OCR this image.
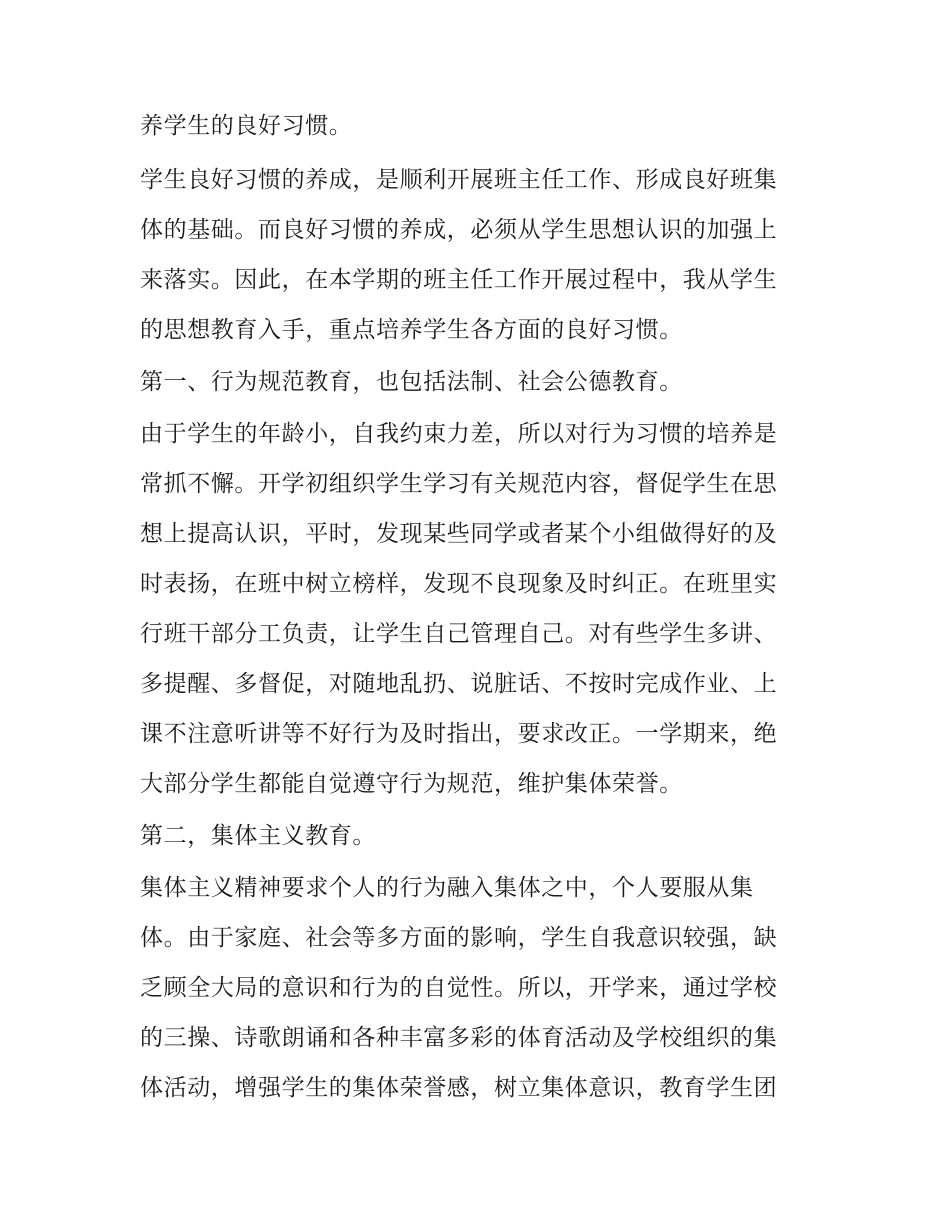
养学生的良好习惯。
学生良好习惯的养成，是顺利开展班主任工作、形成良好班集
体的基础。而良好习惯的养成，必须从学生思想认识的加强上
来落实。因此，在本学期的班主任工作开展过程中，我从学生
的思想教育入手，重点培养学生各方面的良好习惯。
第一、行为规范教育，也包括法制、社会公德教育。
由于学生的年龄小，自我约束力差，所以对行为习惯的培养是
常抓不懈。开学初组织学生学习有关规范内容，督促学生在思
想上提高认识，平时，发现某些同学或者某个小组做得好的及
时表扬，在班中树立榜样，发现不良现象及时纠正。在班里实
行班干部分工负责，让学生自己管理自己。对有些学生多讲、
多提醒、多督促，对随地乱扔、说脏话、不按时完成作业、上
课不注意听讲等不好行为及时指出，要求改正。一学期来，绝
大部分学生都能自觉遵守行为规范，维护集体荣誉。
第二，集体主义教育。
集体主义精神要求个人的行为融入集体之中，个人要服从集
体。由于家庭、社会等多方面的影响，学生自我意识较强，缺
乏顾全大局的意识和行为的自觉性。所以，开学来，通过学校
的三操、诗歌朗诵和各种丰富多彩的体育活动及学校组织的集
体活动，增强学生的集体荣誉感，树立集体意识，教育学生团
